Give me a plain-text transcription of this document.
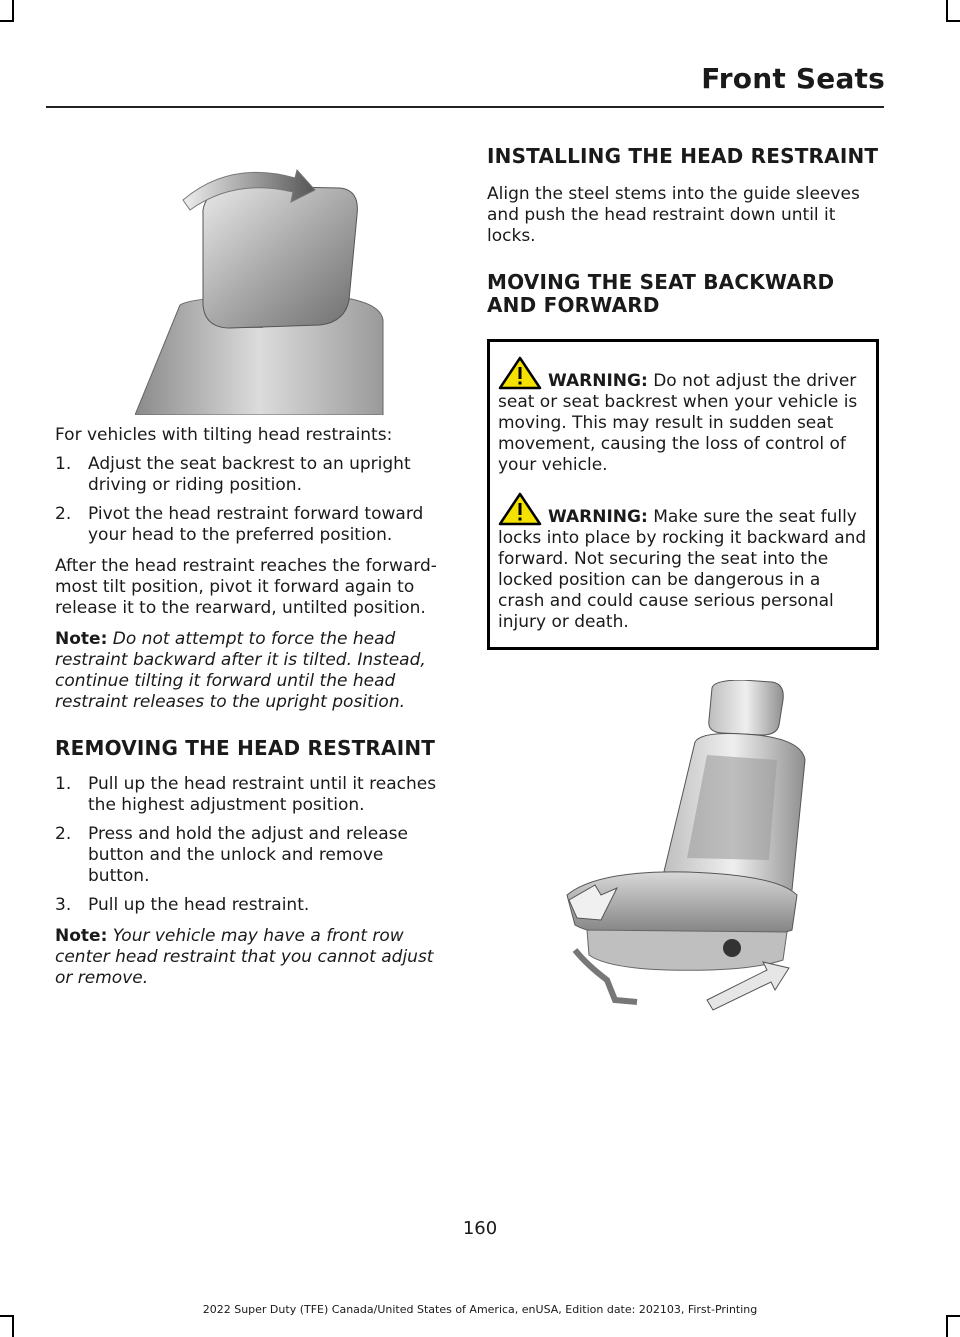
Front Seats

For vehicles with tilting head restraints:

1. Adjust the seat backrest to an upright driving or riding position.
2. Pivot the head restraint forward toward your head to the preferred position.

After the head restraint reaches the forward-most tilt position, pivot it forward again to release it to the rearward, untilted position.

Note: Do not attempt to force the head restraint backward after it is tilted. Instead, continue tilting it forward until the head restraint releases to the upright position.

REMOVING THE HEAD RESTRAINT
1. Pull up the head restraint until it reaches the highest adjustment position.
2. Press and hold the adjust and release button and the unlock and remove button.
3. Pull up the head restraint.

Note: Your vehicle may have a front row center head restraint that you cannot adjust or remove.

INSTALLING THE HEAD RESTRAINT

Align the steel stems into the guide sleeves and push the head restraint down until it locks.

MOVING THE SEAT BACKWARD AND FORWARD
WARNING: Do not adjust the driver seat or seat backrest when your vehicle is moving. This may result in sudden seat movement, causing the loss of control of your vehicle.
WARNING: Make sure the seat fully locks into place by rocking it backward and forward. Not securing the seat into the locked position can be dangerous in a crash and could cause serious personal injury or death.
160
2022 Super Duty (TFE) Canada/United States of America, enUSA, Edition date: 202103, First-Printing
